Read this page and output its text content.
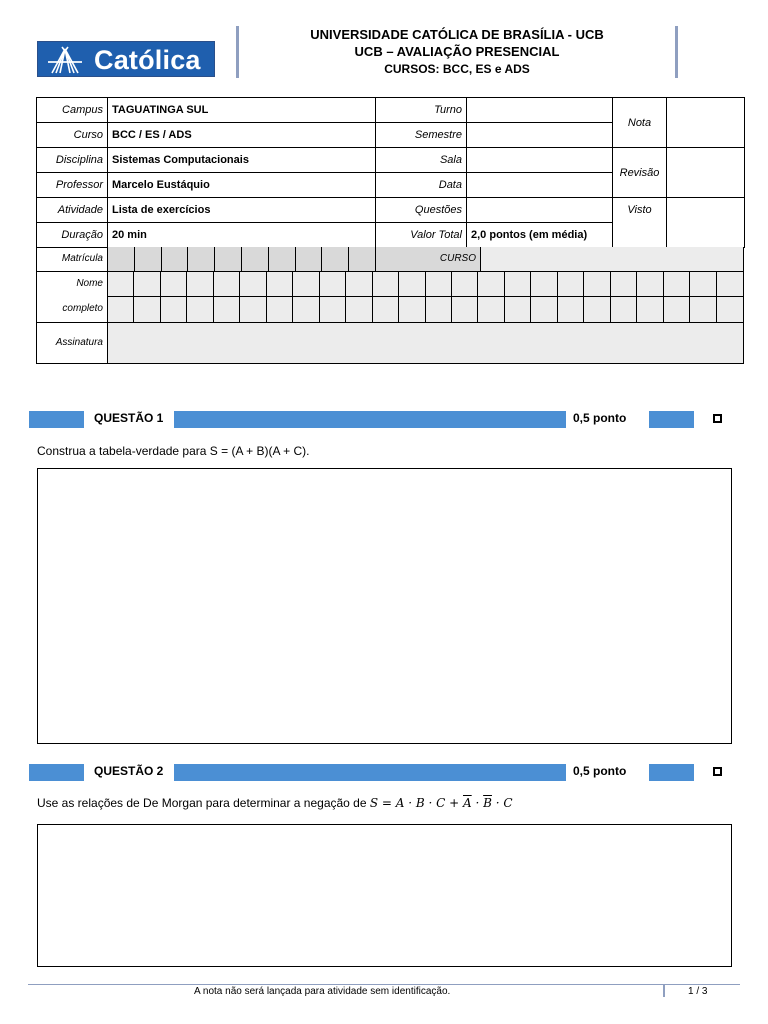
Católica
UNIVERSIDADE CATÓLICA DE BRASÍLIA - UCB
UCB – AVALIAÇÃO PRESENCIAL
CURSOS: BCC, ES e ADS
Campus	TAGUATINGA SUL	Turno		Nota	
Curso	BCC / ES / ADS	Semestre			
Disciplina	Sistemas Computacionais	Sala		Revisão	
Professor	Marcelo Eustáquio	Data			
Atividade	Lista de exercícios	Questões		Visto	
Duração	20 min	Valor Total	2,0 pontos (em média)		
Matrícula	CURSO
Nome
completo
Assinatura
QUESTÃO 1	0,5 ponto
Construa a tabela-verdade para S = (A + B)(A + C).
QUESTÃO 2	0,5 ponto
Use as relações de De Morgan para determinar a negação de $S = A \cdot B \cdot C + \overline{A} \cdot \overline{B} \cdot C$
A nota não será lançada para atividade sem identificação.	1 / 3
